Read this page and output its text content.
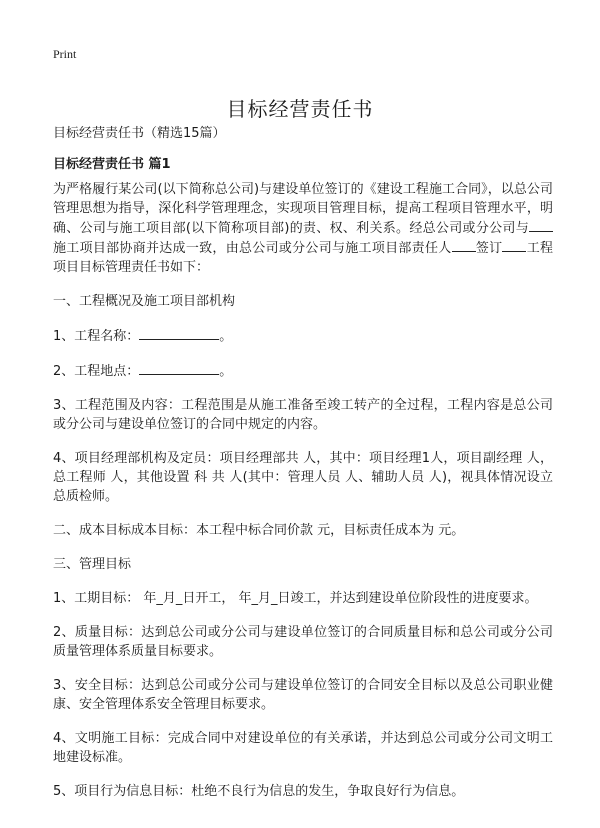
Print
目标经营责任书
目标经营责任书（精选15篇）
目标经营责任书 篇1

为严格履行某公司(以下简称总公司)与建设单位签订的《建设工程施工合同》，以总公司管理思想为指导，深化科学管理理念，实现项目管理目标，提高工程项目管理水平，明确、公司与施工项目部(以下简称项目部)的责、权、利关系。经总公司或分公司与施工项目部协商并达成一致，由总公司或分公司与施工项目部责任人 签订 工程项目目标管理责任书如下：

一、工程概况及施工项目部机构

1、工程名称：	。

2、工程地点：	。

3、工程范围及内容：工程范围是从施工准备至竣工转产的全过程，工程内容是总公司或分公司与建设单位签订的合同中规定的内容。

4、项目经理部机构及定员：项目经理部共 人，其中：项目经理1人，项目副经理 人，总工程师 人，其他设置 科 共 人(其中：管理人员 人、辅助人员 人)，视具体情况设立总质检师。

二、成本目标成本目标：本工程中标合同价款 元，目标责任成本为 元。

三、管理目标

1、工期目标： 年_月_日开工， 年_月_日竣工，并达到建设单位阶段性的进度要求。

2、质量目标：达到总公司或分公司与建设单位签订的合同质量目标和总公司或分公司质量管理体系质量目标要求。

3、安全目标：达到总公司或分公司与建设单位签订的合同安全目标以及总公司职业健康、安全管理体系安全管理目标要求。

4、文明施工目标：完成合同中对建设单位的有关承诺，并达到总公司或分公司文明工地建设标准。

5、项目行为信息目标：杜绝不良行为信息的发生，争取良好行为信息。
